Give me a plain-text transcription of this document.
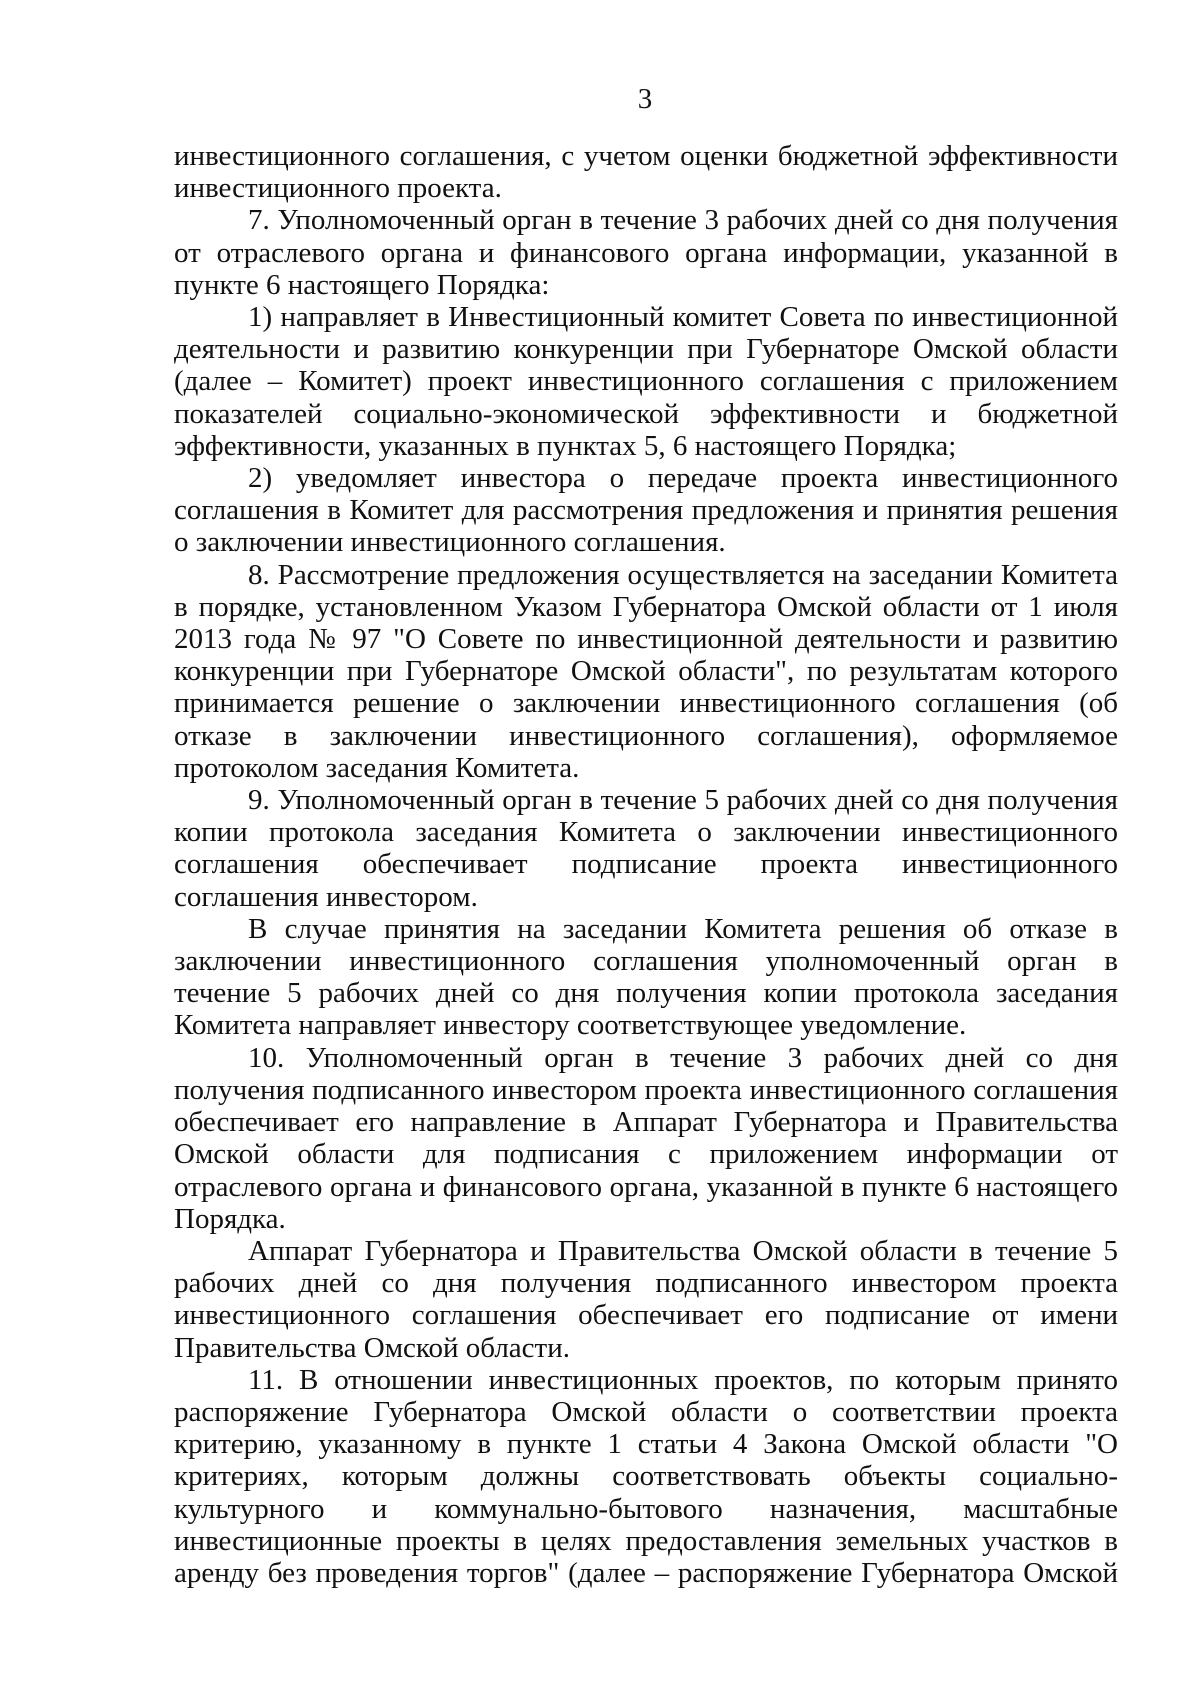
3

инвестиционного соглашения, с учетом оценки бюджетной эффективности инвестиционного проекта.

7. Уполномоченный орган в течение 3 рабочих дней со дня получения от отраслевого органа и финансового органа информации, указанной в пункте 6 настоящего Порядка:

1) направляет в Инвестиционный комитет Совета по инвестиционной деятельности и развитию конкуренции при Губернаторе Омской области (далее – Комитет) проект инвестиционного соглашения с приложением показателей социально-экономической эффективности и бюджетной эффективности, указанных в пунктах 5, 6 настоящего Порядка;

2) уведомляет инвестора о передаче проекта инвестиционного соглашения в Комитет для рассмотрения предложения и принятия решения о заключении инвестиционного соглашения.

8. Рассмотрение предложения осуществляется на заседании Комитета в порядке, установленном Указом Губернатора Омской области от 1 июля 2013 года № 97 "О Совете по инвестиционной деятельности и развитию конкуренции при Губернаторе Омской области", по результатам которого принимается решение о заключении инвестиционного соглашения (об отказе в заключении инвестиционного соглашения), оформляемое протоколом заседания Комитета.

9. Уполномоченный орган в течение 5 рабочих дней со дня получения копии протокола заседания Комитета о заключении инвестиционного соглашения обеспечивает подписание проекта инвестиционного соглашения инвестором.

В случае принятия на заседании Комитета решения об отказе в заключении инвестиционного соглашения уполномоченный орган в течение 5 рабочих дней со дня получения копии протокола заседания Комитета направляет инвестору соответствующее уведомление.

10. Уполномоченный орган в течение 3 рабочих дней со дня получения подписанного инвестором проекта инвестиционного соглашения обеспечивает его направление в Аппарат Губернатора и Правительства Омской области для подписания с приложением информации от отраслевого органа и финансового органа, указанной в пункте 6 настоящего Порядка.

Аппарат Губернатора и Правительства Омской области в течение 5 рабочих дней со дня получения подписанного инвестором проекта инвестиционного соглашения обеспечивает его подписание от имени Правительства Омской области.

11. В отношении инвестиционных проектов, по которым принято распоряжение Губернатора Омской области о соответствии проекта критерию, указанному в пункте 1 статьи 4 Закона Омской области "О критериях, которым должны соответствовать объекты социально-культурного и коммунально-бытового назначения, масштабные инвестиционные проекты в целях предоставления земельных участков в аренду без проведения торгов" (далее – распоряжение Губернатора Омской
